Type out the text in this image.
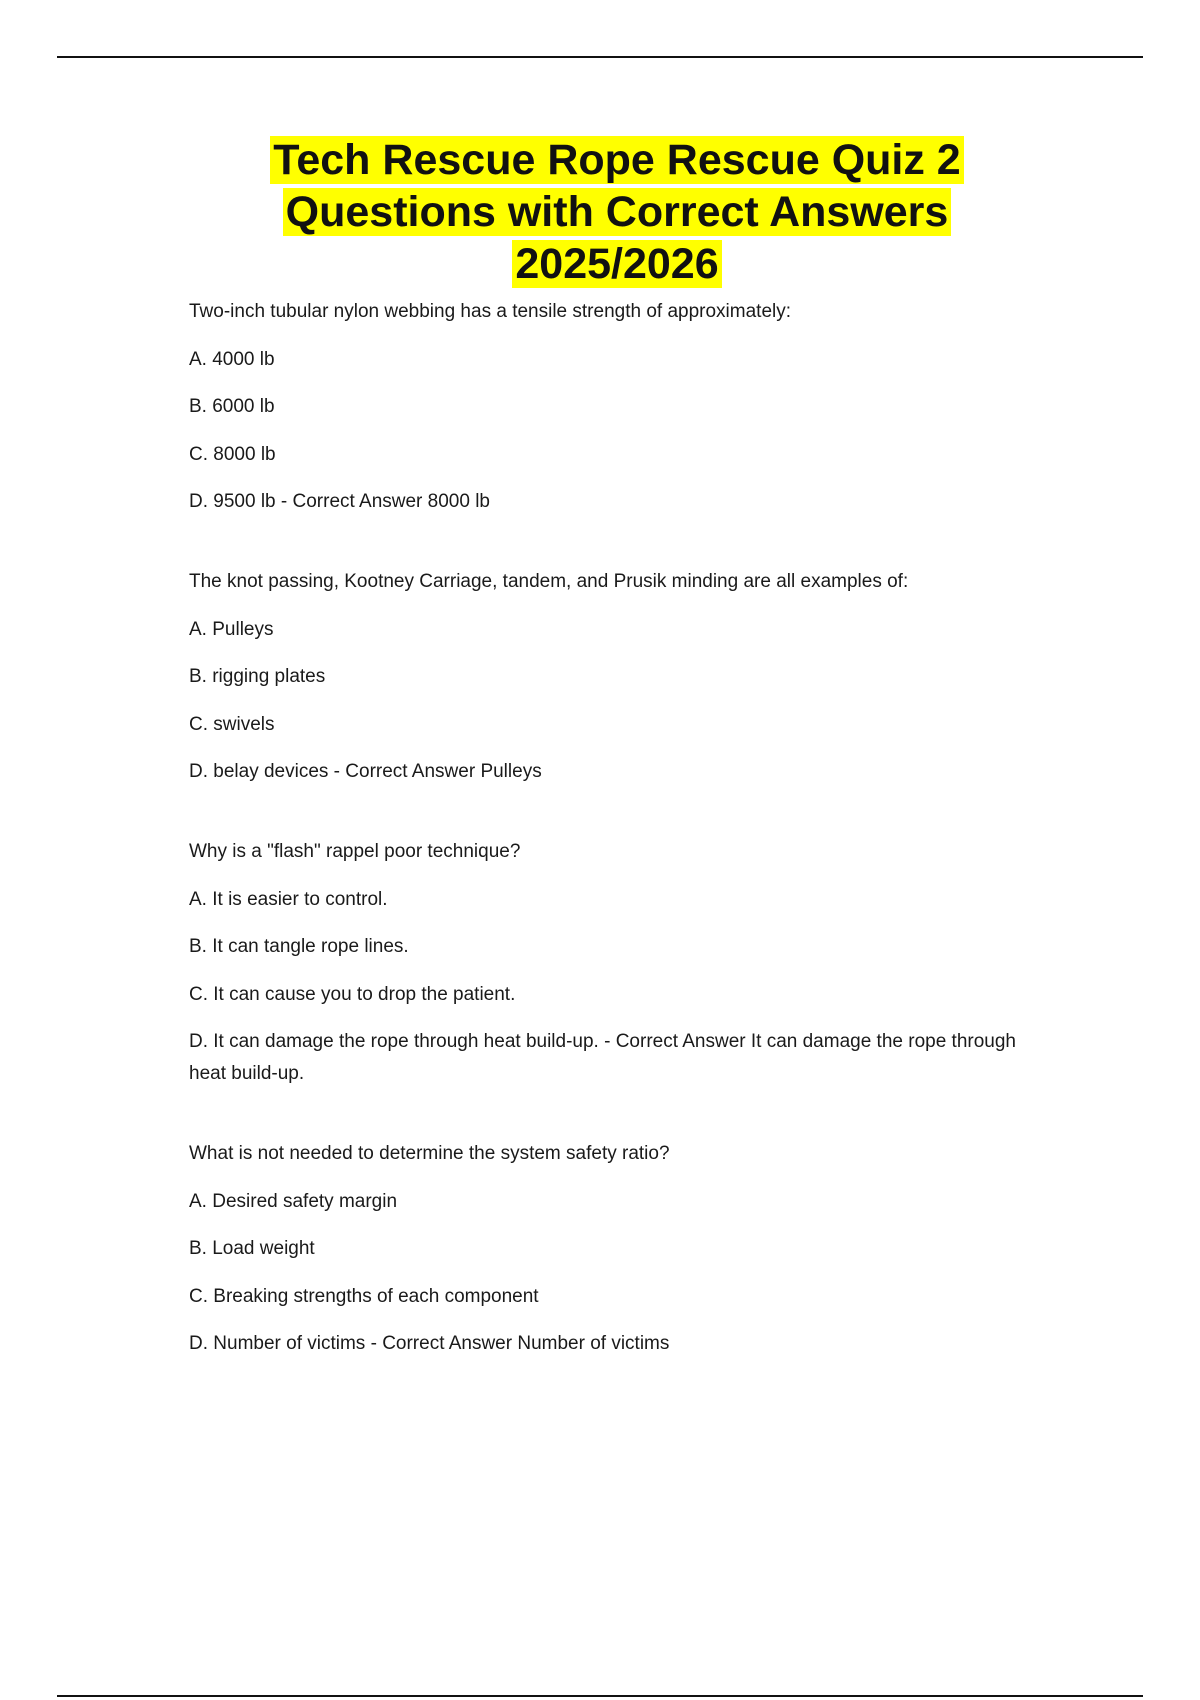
Tech Rescue Rope Rescue Quiz 2
Questions with Correct Answers
2025/2026

Two-inch tubular nylon webbing has a tensile strength of approximately:

A. 4000 lb

B. 6000 lb

C. 8000 lb

D. 9500 lb - Correct Answer 8000 lb

The knot passing, Kootney Carriage, tandem, and Prusik minding are all examples of:

A. Pulleys

B. rigging plates

C. swivels

D. belay devices - Correct Answer Pulleys

Why is a "flash" rappel poor technique?

A. It is easier to control.

B. It can tangle rope lines.

C. It can cause you to drop the patient.

D. It can damage the rope through heat build-up. - Correct Answer It can damage the rope through heat build-up.

What is not needed to determine the system safety ratio?

A. Desired safety margin

B. Load weight

C. Breaking strengths of each component

D. Number of victims - Correct Answer Number of victims
